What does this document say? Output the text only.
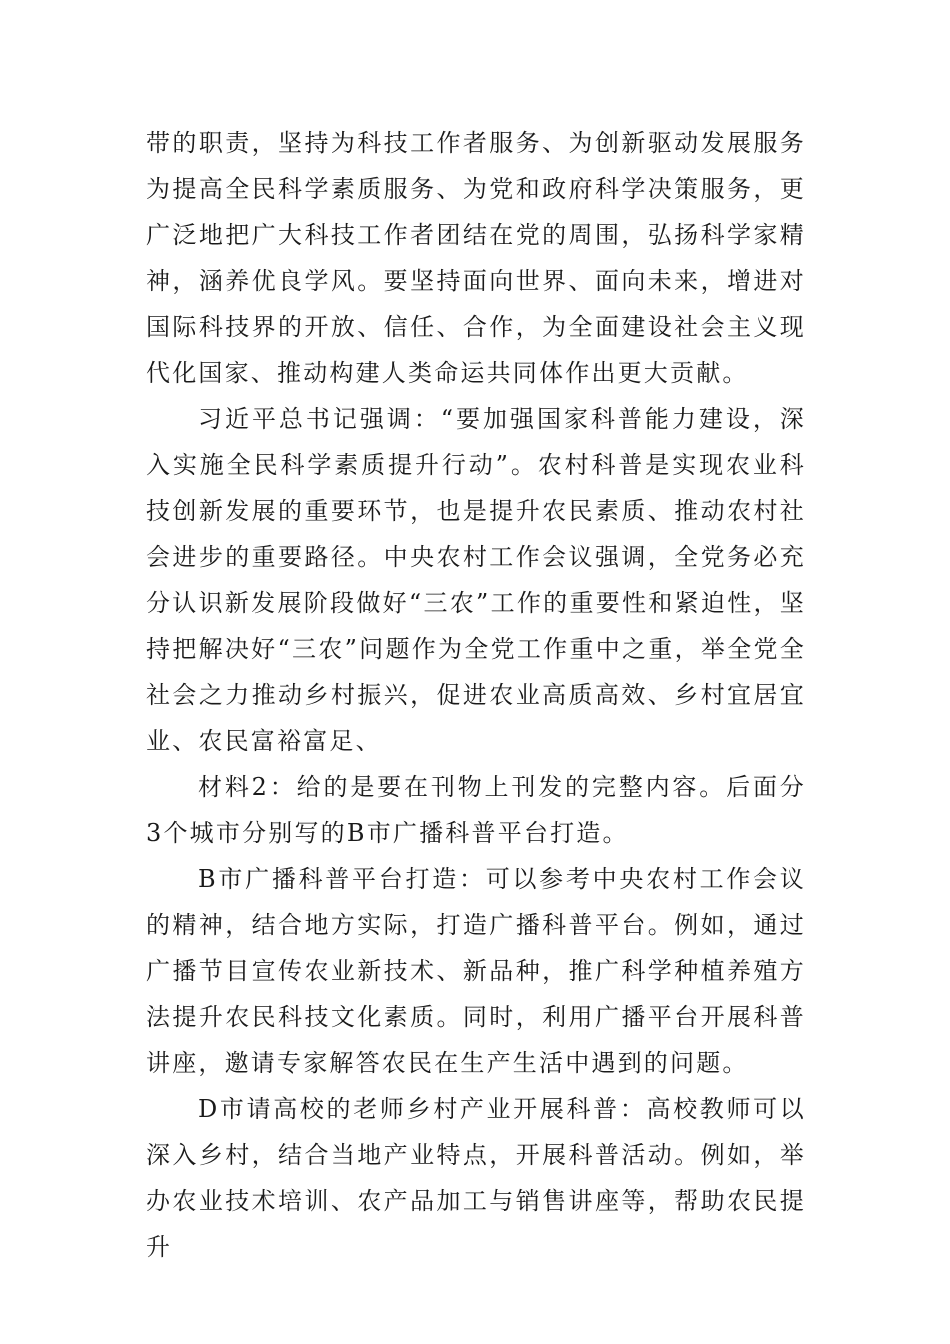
带的职责，坚持为科技工作者服务、为创新驱动发展服务为提高全民科学素质服务、为党和政府科学决策服务，更广泛地把广大科技工作者团结在党的周围，弘扬科学家精神，涵养优良学风。要坚持面向世界、面向未来，增进对国际科技界的开放、信任、合作，为全面建设社会主义现代化国家、推动构建人类命运共同体作出更大贡献。

习近平总书记强调：“要加强国家科普能力建设，深入实施全民科学素质提升行动”。农村科普是实现农业科技创新发展的重要环节，也是提升农民素质、推动农村社会进步的重要路径。中央农村工作会议强调，全党务必充分认识新发展阶段做好“三农”工作的重要性和紧迫性，坚持把解决好“三农”问题作为全党工作重中之重，举全党全社会之力推动乡村振兴，促进农业高质高效、乡村宜居宜业、农民富裕富足、

材料2：给的是要在刊物上刊发的完整内容。后面分3个城市分别写的B市广播科普平台打造。

B市广播科普平台打造：可以参考中央农村工作会议的精神，结合地方实际，打造广播科普平台。例如，通过广播节目宣传农业新技术、新品种，推广科学种植养殖方法提升农民科技文化素质。同时，利用广播平台开展科普讲座，邀请专家解答农民在生产生活中遇到的问题。

D市请高校的老师乡村产业开展科普：高校教师可以深入乡村，结合当地产业特点，开展科普活动。例如，举办农业技术培训、农产品加工与销售讲座等，帮助农民提升
